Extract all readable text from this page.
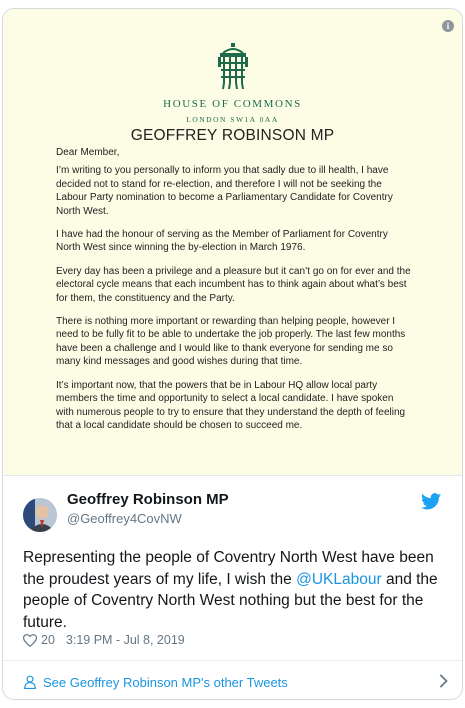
i
HOUSE OF COMMONS
LONDON SW1A 0AA
GEOFFREY ROBINSON MP

Dear Member,

I’m writing to you personally to inform you that sadly due to ill health, I have decided not to stand for re-election, and therefore I will not be seeking the Labour Party nomination to become a Parliamentary Candidate for Coventry North West.

I have had the honour of serving as the Member of Parliament for Coventry North West since winning the by-election in March 1976.

Every day has been a privilege and a pleasure but it can’t go on for ever and the electoral cycle means that each incumbent has to think again about what’s best for them, the constituency and the Party.

There is nothing more important or rewarding than helping people, however I need to be fully fit to be able to undertake the job properly. The last few months have been a challenge and I would like to thank everyone for sending me so many kind messages and good wishes during that time.

It’s important now, that the powers that be in Labour HQ allow local party members the time and opportunity to select a local candidate. I have spoken with numerous people to try to ensure that they understand the depth of feeling that a local candidate should be chosen to succeed me.

Geoffrey Robinson MP
@Geoffrey4CovNW
Representing the people of Coventry North West have been the proudest years of my life, I wish the @UKLabour and the people of Coventry North West nothing but the best for the future.
20 3:19 PM - Jul 8, 2019
See Geoffrey Robinson MP's other Tweets
